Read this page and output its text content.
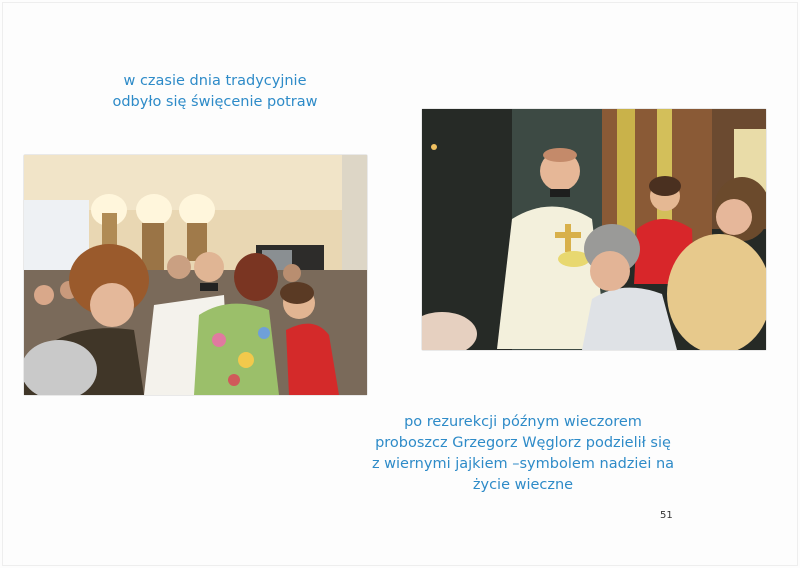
w czasie dnia tradycyjnie
odbyło się święcenie potraw
po rezurekcji późnym wieczorem
proboszcz Grzegorz Węglorz podzielił się
z wiernymi jajkiem –symbolem nadziei na
życie wieczne
51
